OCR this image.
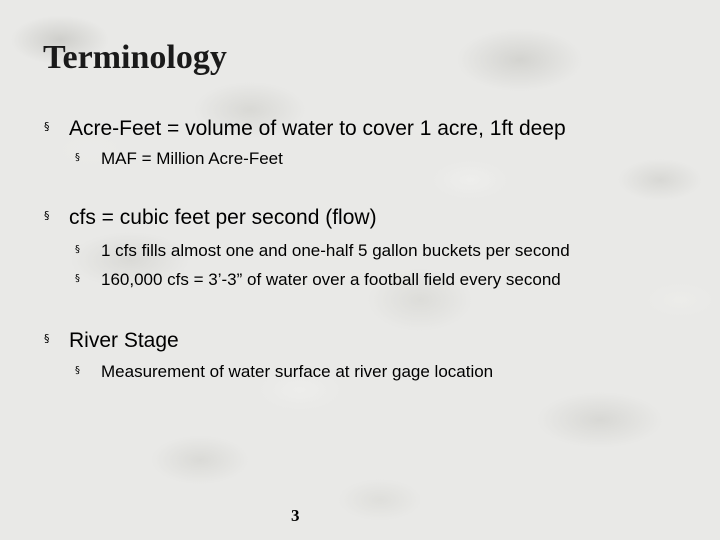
Terminology
§ Acre-Feet = volume of water to cover 1 acre, 1ft deep
§ MAF = Million Acre-Feet
§ cfs = cubic feet per second (flow)
§ 1 cfs fills almost one and one-half 5 gallon buckets per second
§ 160,000 cfs = 3’-3” of water over a football field every second
§ River Stage
§ Measurement of water surface at river gage location
3
